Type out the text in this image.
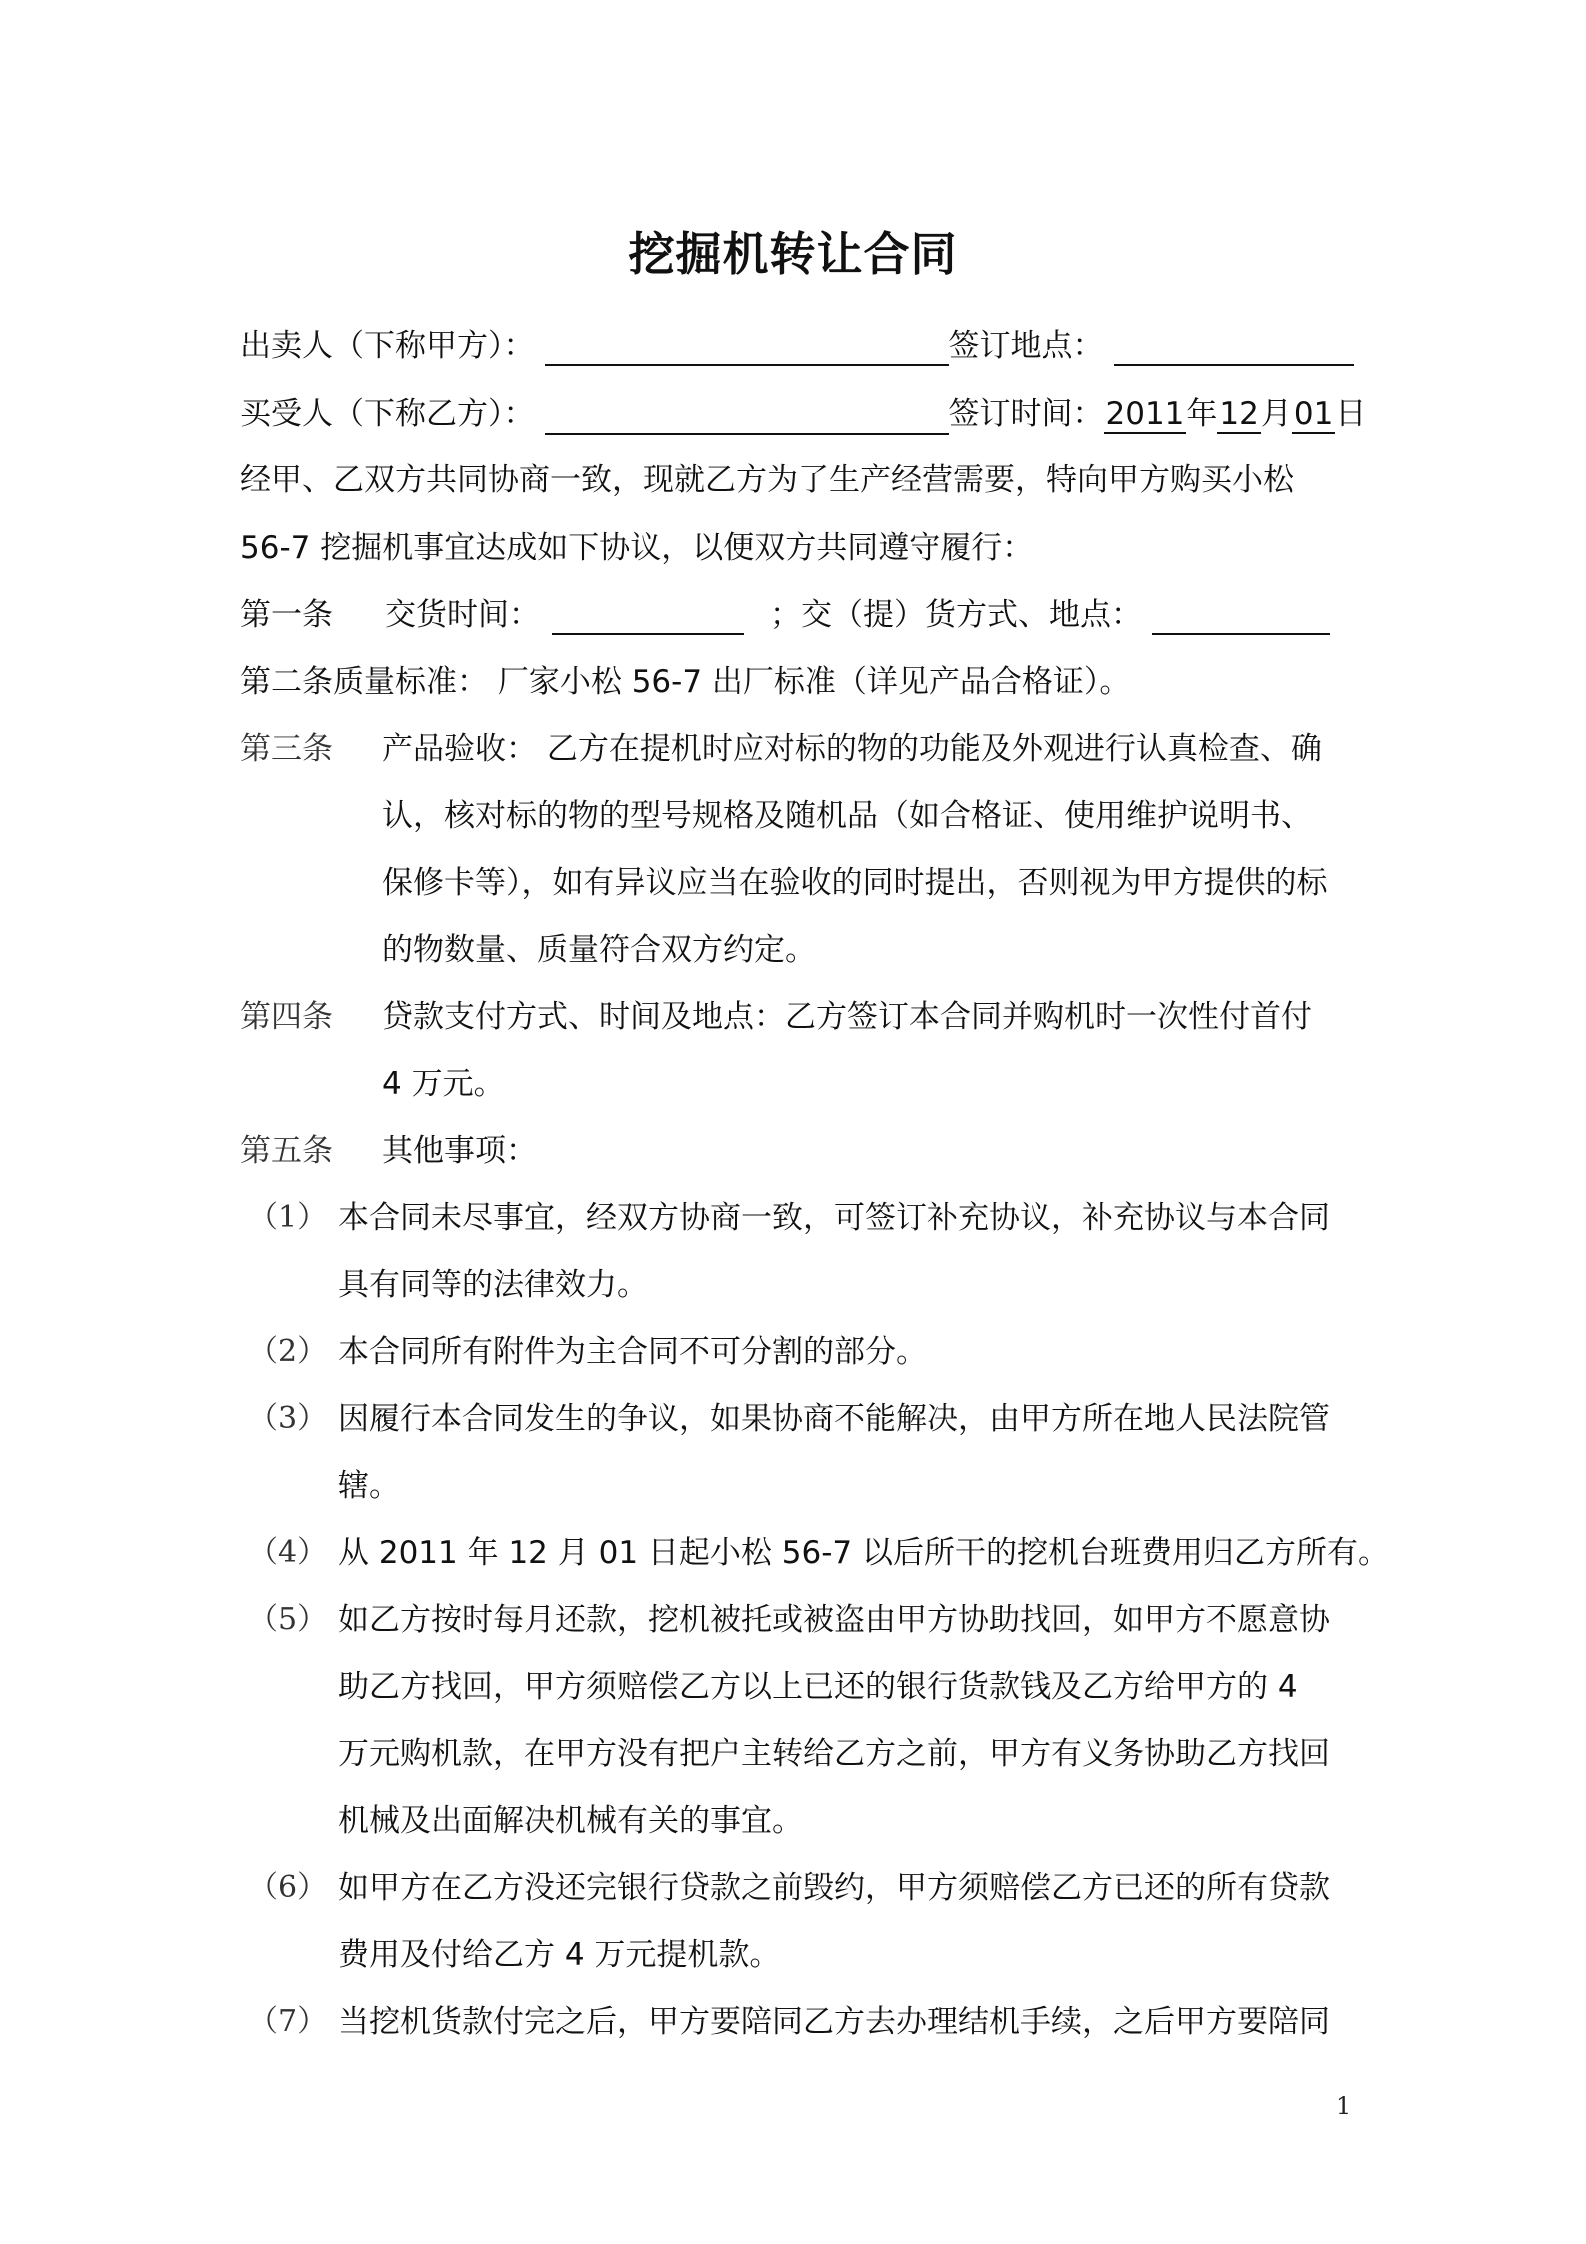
挖掘机转让合同
出卖人（下称甲方）：	签订地点：
买受人（下称乙方）：	签订时间：2011年12月01日
经甲、乙双方共同协商一致，现就乙方为了生产经营需要，特向甲方购买小松
56-7 挖掘机事宜达成如下协议，以便双方共同遵守履行：
第一条 交货时间：	；交（提）货方式、地点：
第二条质量标准： 厂家小松 56-7 出厂标准（详见产品合格证）。
第三条 产品验收： 乙方在提机时应对标的物的功能及外观进行认真检查、确
认，核对标的物的型号规格及随机品（如合格证、使用维护说明书、
保修卡等），如有异议应当在验收的同时提出，否则视为甲方提供的标
的物数量、质量符合双方约定。
第四条 贷款支付方式、时间及地点：乙方签订本合同并购机时一次性付首付
4 万元。
第五条 其他事项：
（1） 本合同未尽事宜，经双方协商一致，可签订补充协议，补充协议与本合同
具有同等的法律效力。
（2） 本合同所有附件为主合同不可分割的部分。
（3） 因履行本合同发生的争议，如果协商不能解决，由甲方所在地人民法院管
辖。
（4） 从 2011 年 12 月 01 日起小松 56-7 以后所干的挖机台班费用归乙方所有。
（5） 如乙方按时每月还款，挖机被托或被盗由甲方协助找回，如甲方不愿意协
助乙方找回，甲方须赔偿乙方以上已还的银行货款钱及乙方给甲方的 4
万元购机款，在甲方没有把户主转给乙方之前，甲方有义务协助乙方找回
机械及出面解决机械有关的事宜。
（6） 如甲方在乙方没还完银行贷款之前毁约，甲方须赔偿乙方已还的所有贷款
费用及付给乙方 4 万元提机款。
（7） 当挖机货款付完之后，甲方要陪同乙方去办理结机手续，之后甲方要陪同
1
